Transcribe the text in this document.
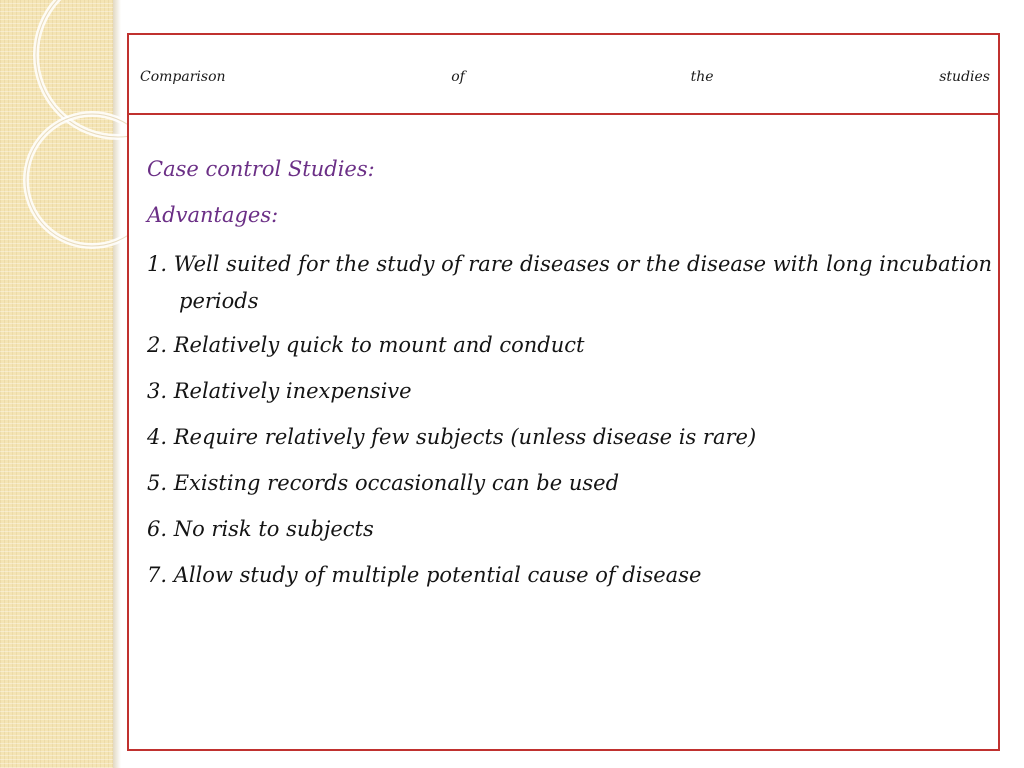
Comparison	of	the	studies
Case control Studies:
Advantages:
1. Well suited for the study of rare diseases or the disease with long incubation periods
2. Relatively quick to mount and conduct
3. Relatively inexpensive
4. Require relatively few subjects (unless disease is rare)
5. Existing records occasionally can be used
6. No risk to subjects
7. Allow study of multiple potential cause of disease
